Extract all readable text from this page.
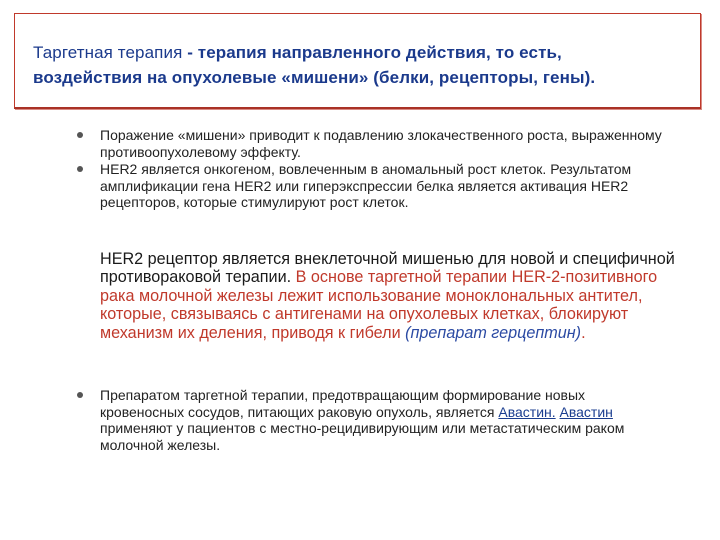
Таргетная терапия - терапия направленного действия, то есть,
воздействия на опухолевые «мишени» (белки, рецепторы, гены).
Поражение «мишени» приводит к подавлению злокачественного роста, выраженному противоопухолевому эффекту.
HER2 является онкогеном, вовлеченным в аномальный рост клеток. Результатом амплификации гена HER2 или гиперэкспрессии белка является активация HER2 рецепторов, которые стимулируют рост клеток.
HER2 рецептор является внеклеточной мишенью для новой и специфичной противораковой терапии. В основе таргетной терапии HER-2-позитивного рака молочной железы лежит использование моноклональных антител, которые, связываясь с антигенами на опухолевых клетках, блокируют механизм их деления, приводя к гибели (препарат герцептин).
Препаратом таргетной терапии, предотвращающим формирование новых кровеносных сосудов, питающих раковую опухоль, является Авастин. Авастин применяют у пациентов с местно-рецидивирующим или метастатическим раком молочной железы.
